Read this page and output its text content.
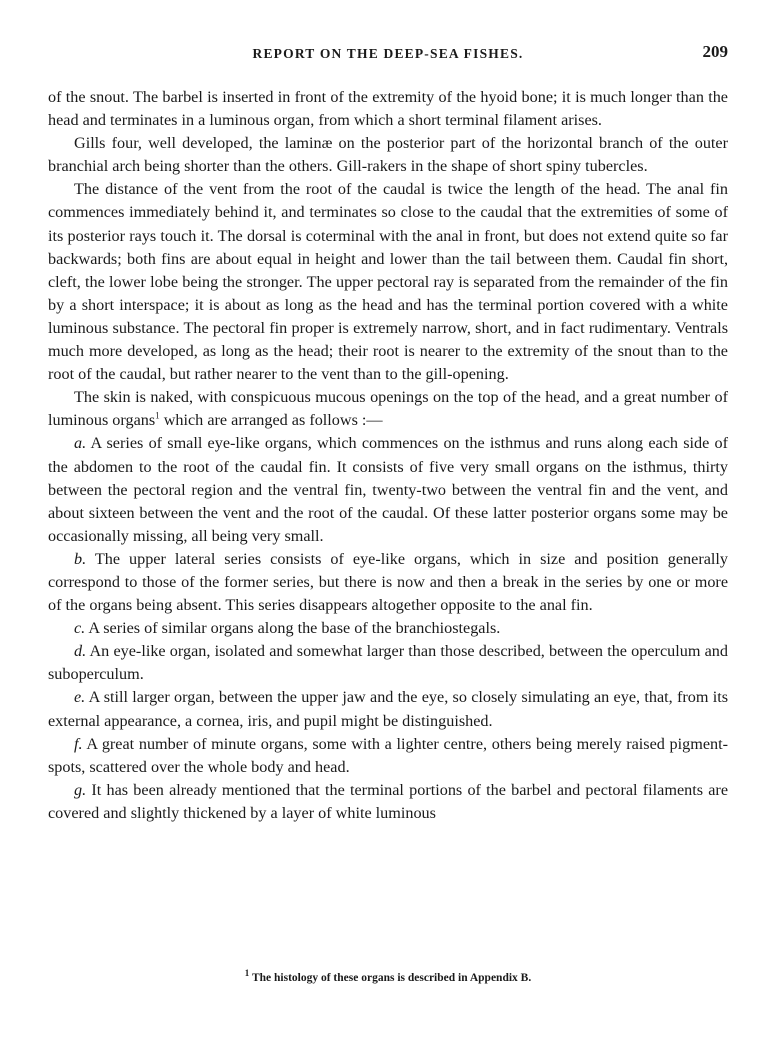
REPORT ON THE DEEP-SEA FISHES.	209

of the snout. The barbel is inserted in front of the extremity of the hyoid bone; it is much longer than the head and terminates in a luminous organ, from which a short terminal filament arises.

Gills four, well developed, the laminæ on the posterior part of the horizontal branch of the outer branchial arch being shorter than the others. Gill-rakers in the shape of short spiny tubercles.

The distance of the vent from the root of the caudal is twice the length of the head. The anal fin commences immediately behind it, and terminates so close to the caudal that the extremities of some of its posterior rays touch it. The dorsal is coterminal with the anal in front, but does not extend quite so far backwards; both fins are about equal in height and lower than the tail between them. Caudal fin short, cleft, the lower lobe being the stronger. The upper pectoral ray is separated from the remainder of the fin by a short interspace; it is about as long as the head and has the terminal portion covered with a white luminous substance. The pectoral fin proper is extremely narrow, short, and in fact rudimentary. Ventrals much more developed, as long as the head; their root is nearer to the extremity of the snout than to the root of the caudal, but rather nearer to the vent than to the gill-opening.

The skin is naked, with conspicuous mucous openings on the top of the head, and a great number of luminous organs$^1$ which are arranged as follows :—

a. A series of small eye-like organs, which commences on the isthmus and runs along each side of the abdomen to the root of the caudal fin. It consists of five very small organs on the isthmus, thirty between the pectoral region and the ventral fin, twenty-two between the ventral fin and the vent, and about sixteen between the vent and the root of the caudal. Of these latter posterior organs some may be occasionally missing, all being very small.

b. The upper lateral series consists of eye-like organs, which in size and position generally correspond to those of the former series, but there is now and then a break in the series by one or more of the organs being absent. This series disappears altogether opposite to the anal fin.

c. A series of similar organs along the base of the branchiostegals.

d. An eye-like organ, isolated and somewhat larger than those described, between the operculum and suboperculum.

e. A still larger organ, between the upper jaw and the eye, so closely simulating an eye, that, from its external appearance, a cornea, iris, and pupil might be distinguished.

f. A great number of minute organs, some with a lighter centre, others being merely raised pigment-spots, scattered over the whole body and head.

g. It has been already mentioned that the terminal portions of the barbel and pectoral filaments are covered and slightly thickened by a layer of white luminous

$^1$ The histology of these organs is described in Appendix B.
